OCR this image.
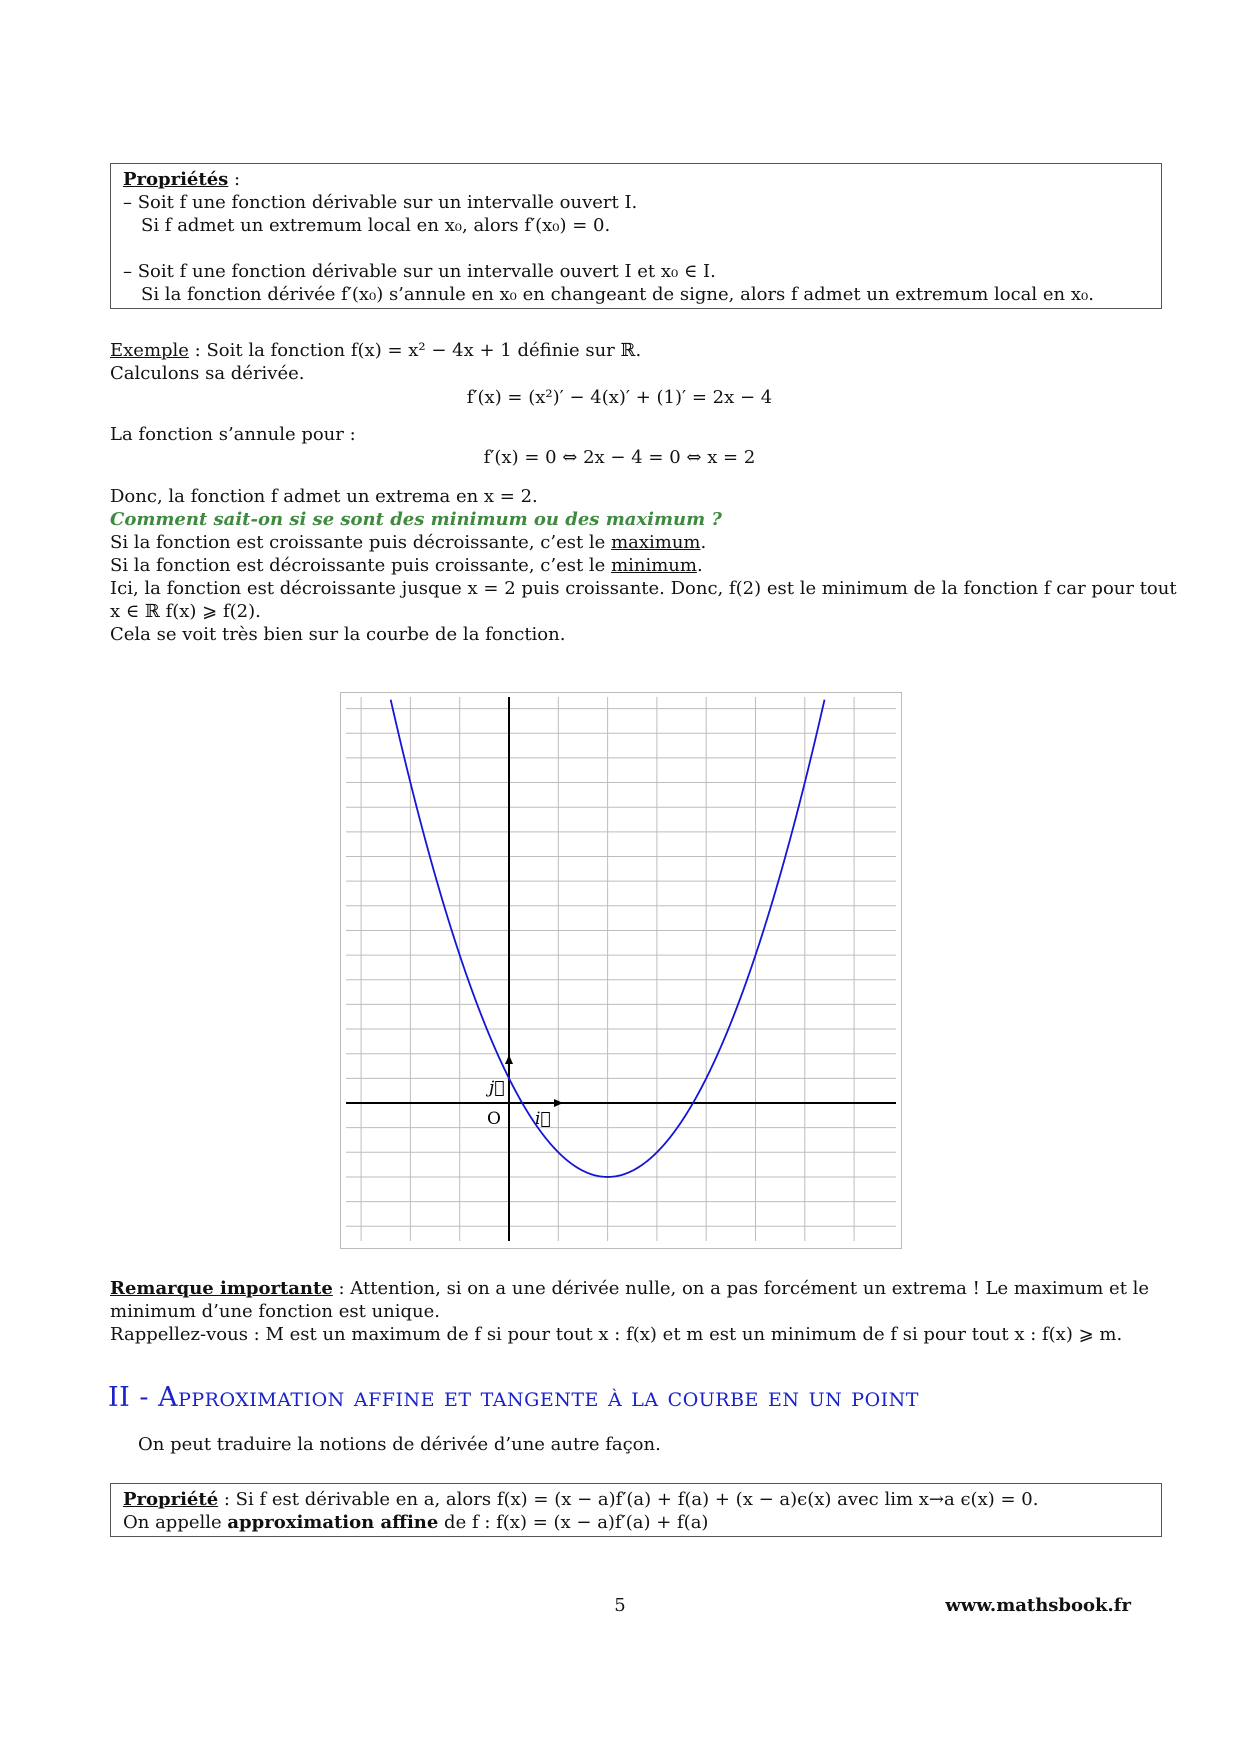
Propriétés :
– Soit f une fonction dérivable sur un intervalle ouvert I.
Si f admet un extremum local en x₀, alors f′(x₀) = 0.
– Soit f une fonction dérivable sur un intervalle ouvert I et x₀ ∈ I.
Si la fonction dérivée f′(x₀) s’annule en x₀ en changeant de signe, alors f admet un extremum local en x₀.
Exemple : Soit la fonction f(x) = x² − 4x + 1 définie sur ℝ.
Calculons sa dérivée.
f′(x) = (x²)′ − 4(x)′ + (1)′ = 2x − 4
La fonction s’annule pour :
f′(x) = 0 ⇔ 2x − 4 = 0 ⇔ x = 2
Donc, la fonction f admet un extrema en x = 2.
Comment sait-on si se sont des minimum ou des maximum ?
Si la fonction est croissante puis décroissante, c’est le maximum.
Si la fonction est décroissante puis croissante, c’est le minimum.
Ici, la fonction est décroissante jusque x = 2 puis croissante. Donc, f(2) est le minimum de la fonction f car pour tout
x ∈ ℝ f(x) ⩾ f(2).
Cela se voit très bien sur la courbe de la fonction.
O
j⃗
i⃗
Remarque importante : Attention, si on a une dérivée nulle, on a pas forcément un extrema ! Le maximum et le
minimum d’une fonction est unique.
Rappellez-vous : M est un maximum de f si pour tout x : f(x) et m est un minimum de f si pour tout x : f(x) ⩾ m.
II - Approximation affine et tangente à la courbe en un point
On peut traduire la notions de dérivée d’une autre façon.
Propriété : Si f est dérivable en a, alors f(x) = (x − a)f′(a) + f(a) + (x − a)ϵ(x) avec lim x→a ϵ(x) = 0.
On appelle approximation affine de f : f(x) = (x − a)f′(a) + f(a)
5	www.mathsbook.fr
